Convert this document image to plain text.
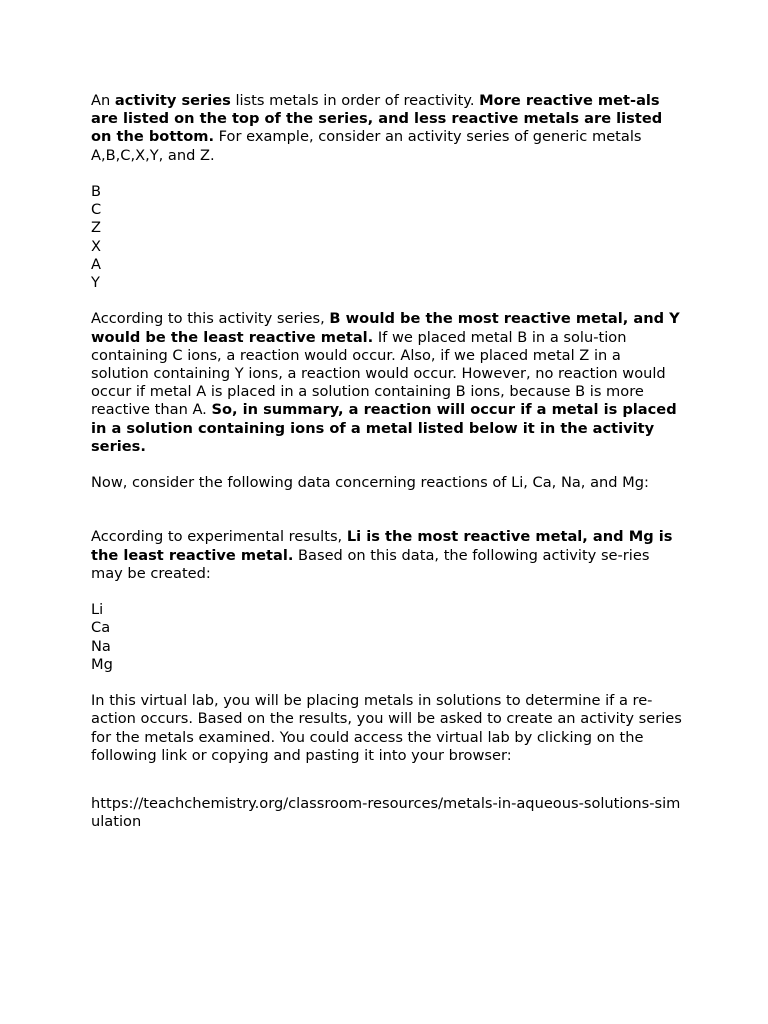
An activity series lists metals in order of reactivity. More reactive met-als are listed on the top of the series, and less reactive metals are listed on the bottom. For example, consider an activity series of generic metals A,B,C,X,Y, and Z.

B
C
Z
X
A
Y

According to this activity series, B would be the most reactive metal, and Y would be the least reactive metal. If we placed metal B in a solu-tion containing C ions, a reaction would occur. Also, if we placed metal Z in a solution containing Y ions, a reaction would occur. However, no reaction would occur if metal A is placed in a solution containing B ions, because B is more reactive than A. So, in summary, a reaction will occur if a metal is placed in a solution containing ions of a metal listed below it in the activity series.

Now, consider the following data concerning reactions of Li, Ca, Na, and Mg:

According to experimental results, Li is the most reactive metal, and Mg is the least reactive metal. Based on this data, the following activity se-ries may be created:

Li
Ca
Na
Mg

In this virtual lab, you will be placing metals in solutions to determine if a re-action occurs. Based on the results, you will be asked to create an activity series for the metals examined. You could access the virtual lab by clicking on the following link or copying and pasting it into your browser:

https://teachchemistry.org/classroom-resources/metals-in-aqueous-solutions-simulation
